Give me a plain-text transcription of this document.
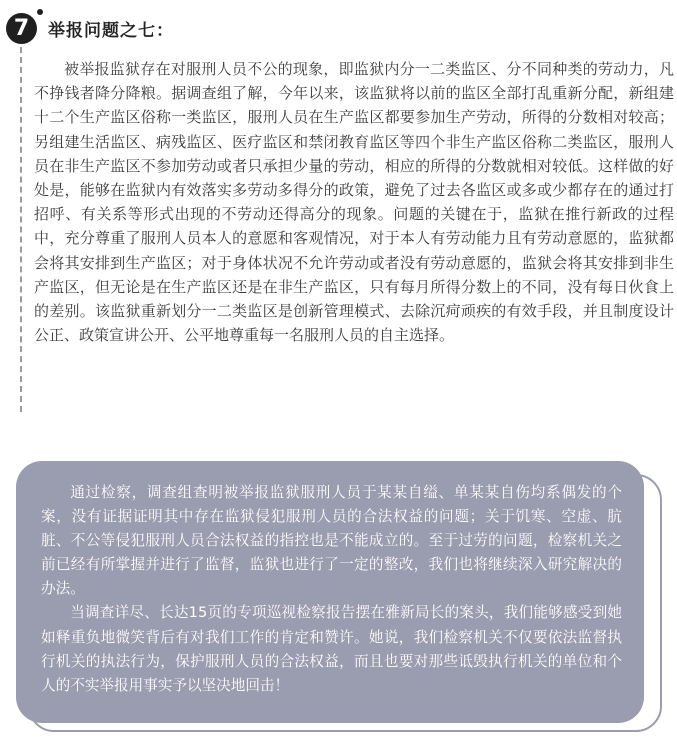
7	举报问题之七：

被举报监狱存在对服刑人员不公的现象，即监狱内分一二类监区、分不同种类的劳动力，凡不挣钱者降分降粮。据调查组了解，今年以来，该监狱将以前的监区全部打乱重新分配，新组建十二个生产监区俗称一类监区，服刑人员在生产监区都要参加生产劳动，所得的分数相对较高；另组建生活监区、病残监区、医疗监区和禁闭教育监区等四个非生产监区俗称二类监区，服刑人员在非生产监区不参加劳动或者只承担少量的劳动，相应的所得的分数就相对较低。这样做的好处是，能够在监狱内有效落实多劳动多得分的政策，避免了过去各监区或多或少都存在的通过打招呼、有关系等形式出现的不劳动还得高分的现象。问题的关键在于，监狱在推行新政的过程中，充分尊重了服刑人员本人的意愿和客观情况，对于本人有劳动能力且有劳动意愿的，监狱都会将其安排到生产监区；对于身体状况不允许劳动或者没有劳动意愿的，监狱会将其安排到非生产监区，但无论是在生产监区还是在非生产监区，只有每月所得分数上的不同，没有每日伙食上的差别。该监狱重新划分一二类监区是创新管理模式、去除沉疴顽疾的有效手段，并且制度设计公正、政策宣讲公开、公平地尊重每一名服刑人员的自主选择。

通过检察，调查组查明被举报监狱服刑人员于某某自缢、单某某自伤均系偶发的个案，没有证据证明其中存在监狱侵犯服刑人员的合法权益的问题；关于饥寒、空虚、肮脏、不公等侵犯服刑人员合法权益的指控也是不能成立的。至于过劳的问题，检察机关之前已经有所掌握并进行了监督，监狱也进行了一定的整改，我们也将继续深入研究解决的办法。

当调查详尽、长达15页的专项巡视检察报告摆在雅新局长的案头，我们能够感受到她如释重负地微笑背后有对我们工作的肯定和赞许。她说，我们检察机关不仅要依法监督执行机关的执法行为，保护服刑人员的合法权益，而且也要对那些诋毁执行机关的单位和个人的不实举报用事实予以坚决地回击！
